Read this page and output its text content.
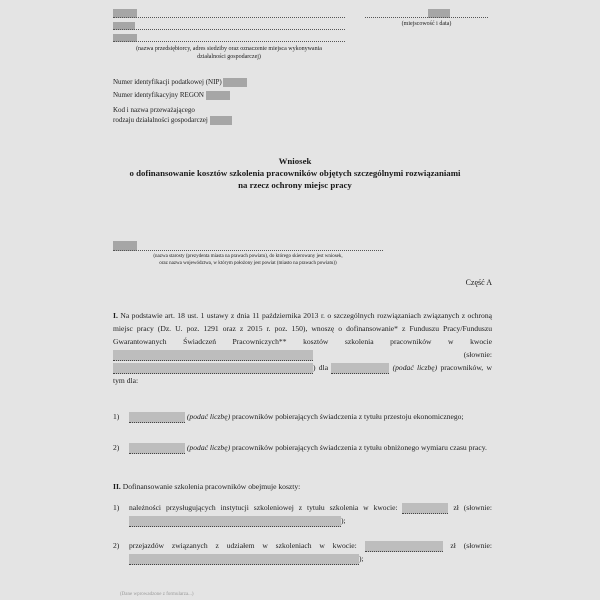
(nazwa przedsiębiorcy, adres siedziby oraz oznaczenie miejsca wykonywania
działalności gospodarczej)
(miejscowość i data)
Numer identyfikacji podatkowej (NIP)
Numer identyfikacyjny REGON
Kod i nazwa przeważającego
rodzaju działalności gospodarczej
Wniosek
o dofinansowanie kosztów szkolenia pracowników objętych szczególnymi rozwiązaniami
na rzecz ochrony miejsc pracy
(nazwa starosty (prezydenta miasta na prawach powiatu), do którego skierowany jest wniosek,
oraz nazwa województwa, w którym położony jest powiat (miasto na prawach powiatu))
Część A
I. Na podstawie art. 18 ust. 1 ustawy z dnia 11 października 2013 r. o szczególnych rozwiązaniach związanych z ochroną miejsc pracy (Dz. U. poz. 1291 oraz z 2015 r. poz. 150), wnoszę o dofinansowanie* z Funduszu Pracy/Funduszu Gwarantowanych Świadczeń Pracowniczych** kosztów szkolenia pracowników w kwocie  (słownie: ) dla	(podać liczbę) pracowników, w tym dla:
1)	(podać liczbę) pracowników pobierających świadczenia z tytułu przestoju ekonomicznego;
2)	(podać liczbę) pracowników pobierających świadczenia z tytułu obniżonego wymiaru czasu pracy.
II. Dofinansowanie szkolenia pracowników obejmuje koszty:
1)	należności przysługujących instytucji szkoleniowej z tytułu szkolenia w kwocie:	zł (słownie: );
2)	przejazdów związanych z udziałem w szkoleniach w kwocie:	zł (słownie: );
(Dane wprowadzone z formularza...)
